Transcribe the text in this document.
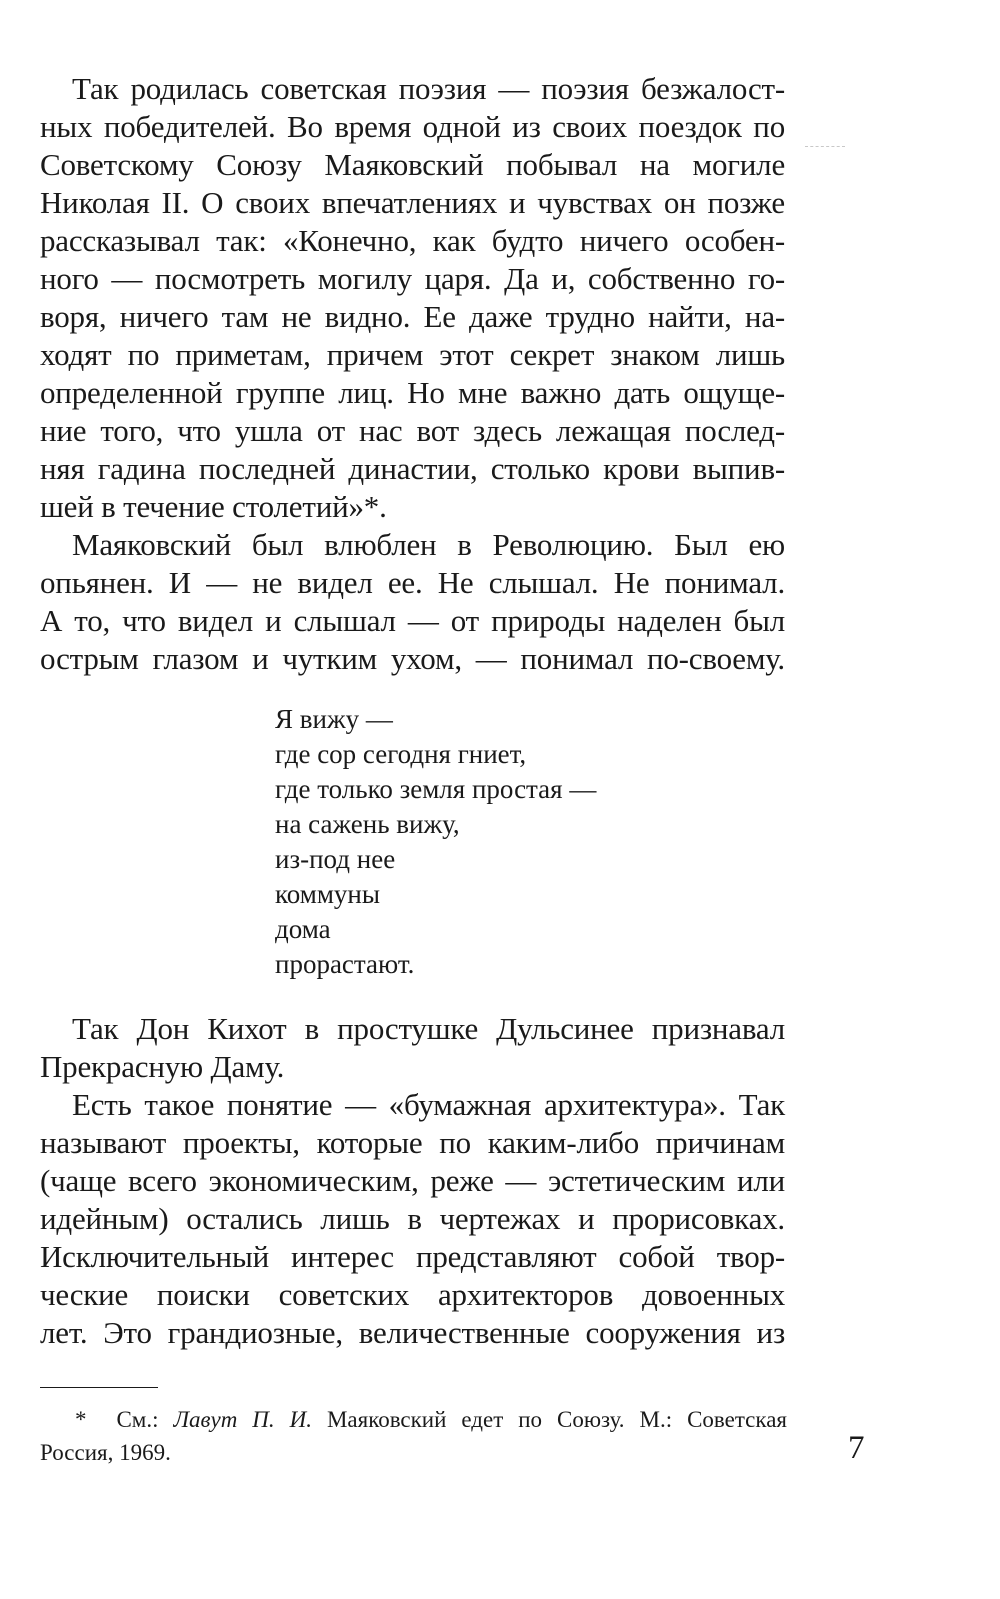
Так родилась советская поэзия — поэзия безжалост-
ных победителей. Во время одной из своих поездок по
Советскому Союзу Маяковский побывал на могиле
Николая II. О своих впечатлениях и чувствах он позже
рассказывал так: «Конечно, как будто ничего особен-
ного — посмотреть могилу царя. Да и, собственно го-
воря, ничего там не видно. Ее даже трудно найти, на-
ходят по приметам, причем этот секрет знаком лишь
определенной группе лиц. Но мне важно дать ощуще-
ние того, что ушла от нас вот здесь лежащая послед-
няя гадина последней династии, столько крови выпив-
шей в течение столетий»*.
Маяковский был влюблен в Революцию. Был ею
опьянен. И — не видел ее. Не слышал. Не понимал.
А то, что видел и слышал — от природы наделен был
острым глазом и чутким ухом, — понимал по-своему.
Я вижу —
где сор сегодня гниет,
где только земля простая —
на сажень вижу,
из-под нее
коммуны
дома
прорастают.
Так Дон Кихот в простушке Дульсинее признавал
Прекрасную Даму.
Есть такое понятие — «бумажная архитектура». Так
называют проекты, которые по каким-либо причинам
(чаще всего экономическим, реже — эстетическим или
идейным) остались лишь в чертежах и прорисовках.
Исключительный интерес представляют собой твор-
ческие поиски советских архитекторов довоенных
лет. Это грандиозные, величественные сооружения из
* См.: Лавут П. И. Маяковский едет по Союзу. М.: Советская
Россия, 1969.	7
